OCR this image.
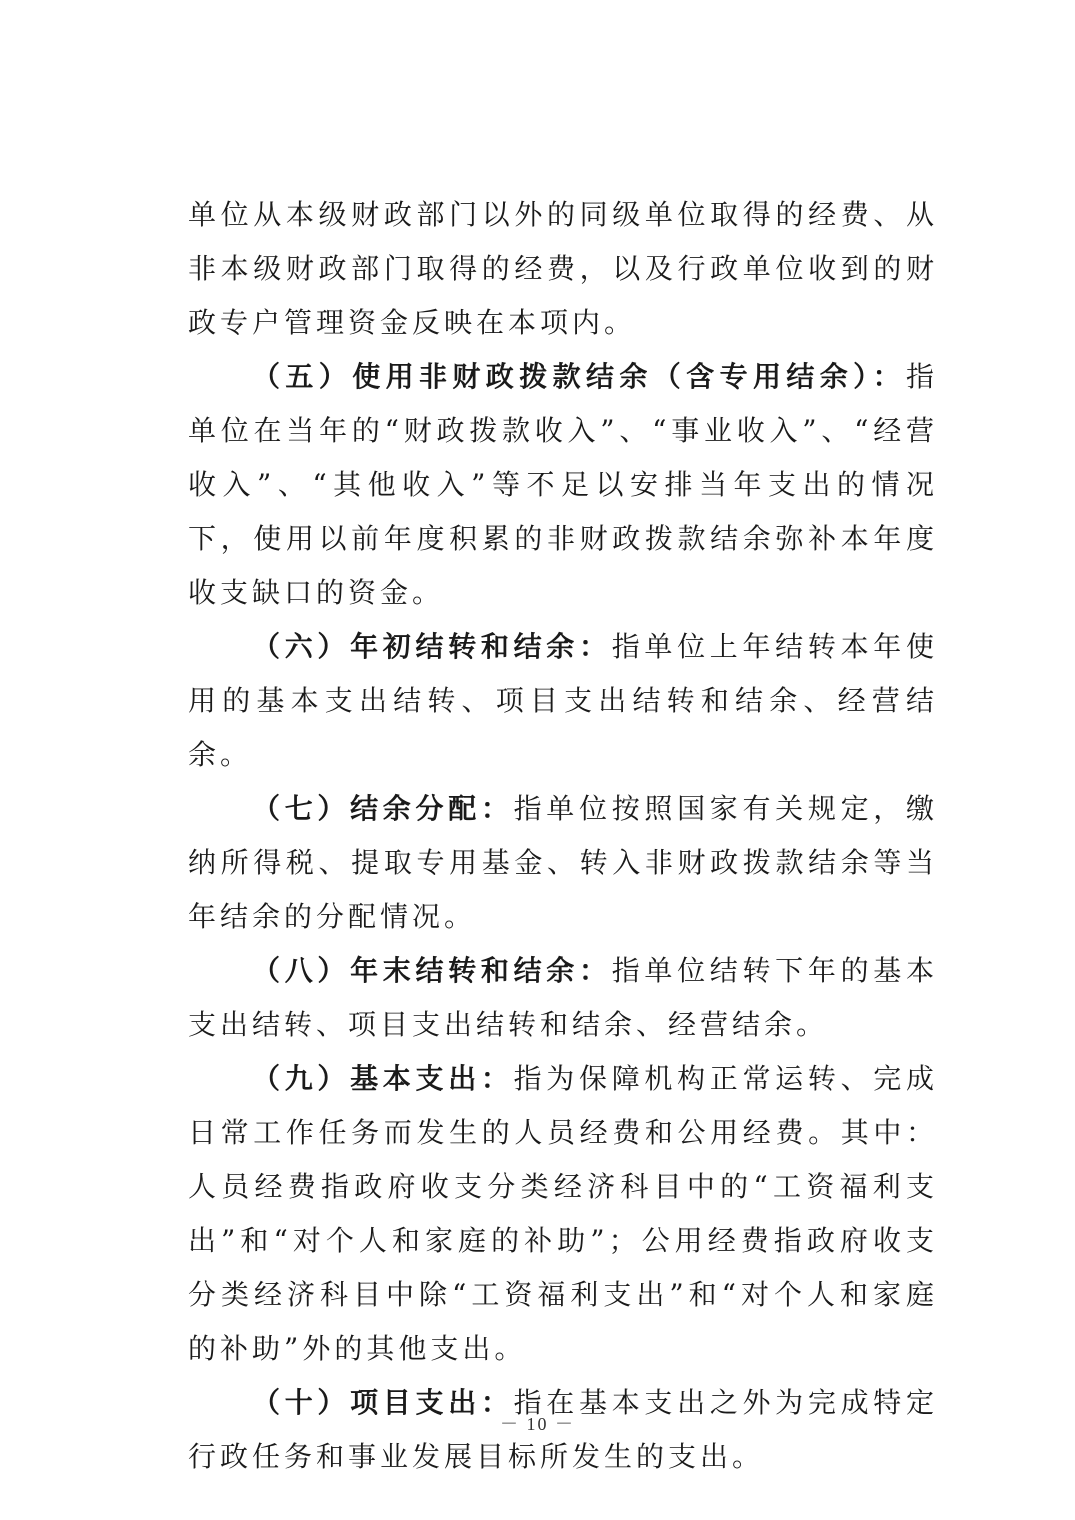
单位从本级财政部门以外的同级单位取得的经费、从非本级财政部门取得的经费，以及行政单位收到的财政专户管理资金反映在本项内。

（五）使用非财政拨款结余（含专用结余）：指单位在当年的“财政拨款收入”、“事业收入”、“经营收入”、“其他收入”等不足以安排当年支出的情况下，使用以前年度积累的非财政拨款结余弥补本年度收支缺口的资金。

（六）年初结转和结余：指单位上年结转本年使用的基本支出结转、项目支出结转和结余、经营结余。

（七）结余分配：指单位按照国家有关规定，缴纳所得税、提取专用基金、转入非财政拨款结余等当年结余的分配情况。

（八）年末结转和结余：指单位结转下年的基本支出结转、项目支出结转和结余、经营结余。

（九）基本支出：指为保障机构正常运转、完成日常工作任务而发生的人员经费和公用经费。其中：人员经费指政府收支分类经济科目中的“工资福利支出”和“对个人和家庭的补助”；公用经费指政府收支分类经济科目中除“工资福利支出”和“对个人和家庭的补助”外的其他支出。

（十）项目支出：指在基本支出之外为完成特定行政任务和事业发展目标所发生的支出。

－ 10 －
